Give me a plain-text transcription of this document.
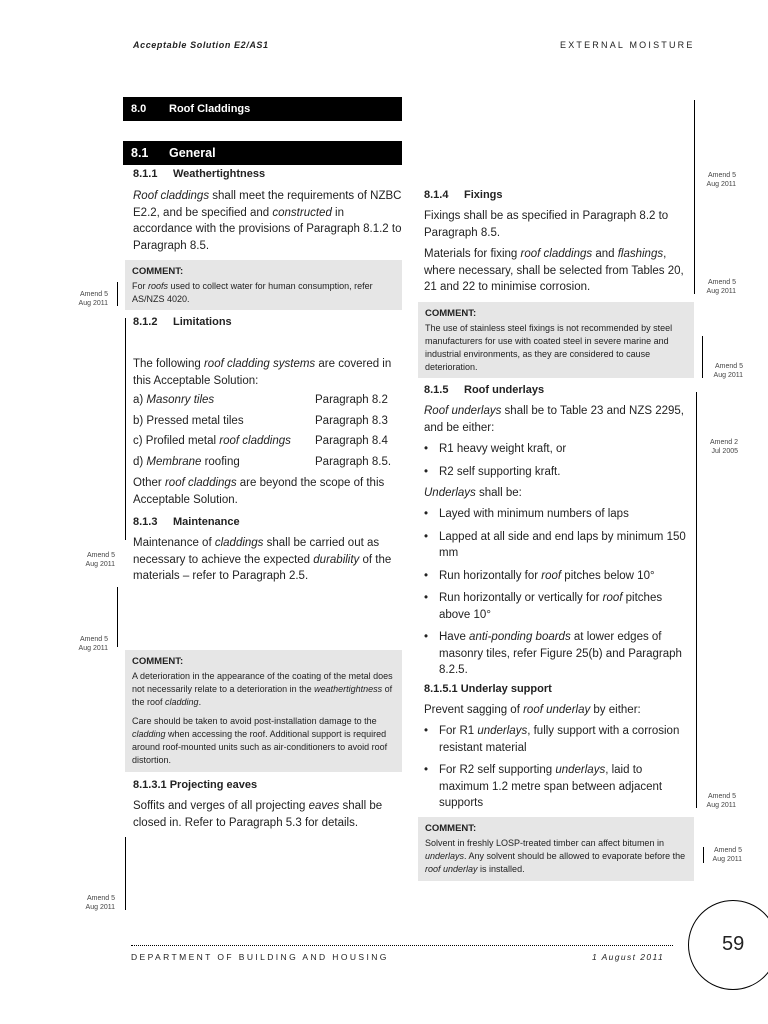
Acceptable Solution E2/AS1	EXTERNAL MOISTURE
8.0	Roof Claddings
8.1	General
8.1.1 Weathertightness

Roof claddings shall meet the requirements of NZBC E2.2, and be specified and constructed in accordance with the provisions of Paragraph 8.1.2 to Paragraph 8.5.

COMMENT:

For roofs used to collect water for human consumption, refer AS/NZS 4020.

8.1.2 Limitations

The following roof cladding systems are covered in this Acceptable Solution:

a) Masonry tiles	Paragraph 8.2
b) Pressed metal tiles	Paragraph 8.3
c) Profiled metal roof claddings	Paragraph 8.4
d) Membrane roofing	Paragraph 8.5.

Other roof claddings are beyond the scope of this Acceptable Solution.

8.1.3 Maintenance

Maintenance of claddings shall be carried out as necessary to achieve the expected durability of the materials – refer to Paragraph 2.5.

COMMENT:

A deterioration in the appearance of the coating of the metal does not necessarily relate to a deterioration in the weathertightness of the roof cladding.

Care should be taken to avoid post-installation damage to the cladding when accessing the roof. Additional support is required around roof-mounted units such as air-conditioners to avoid roof distortion.

8.1.3.1 Projecting eaves

Soffits and verges of all projecting eaves shall be closed in. Refer to Paragraph 5.3 for details.

8.1.4 Fixings

Fixings shall be as specified in Paragraph 8.2 to Paragraph 8.5.

Materials for fixing roof claddings and flashings, where necessary, shall be selected from Tables 20, 21 and 22 to minimise corrosion.

COMMENT:

The use of stainless steel fixings is not recommended by steel manufacturers for use with coated steel in severe marine and industrial environments, as they are considered to cause deterioration.

8.1.5 Roof underlays

Roof underlays shall be to Table 23 and NZS 2295, and be either:

• R1 heavy weight kraft, or
• R2 self supporting kraft.

Underlays shall be:

• Layed with minimum numbers of laps
• Lapped at all side and end laps by minimum 150 mm
• Run horizontally for roof pitches below 10°
• Run horizontally or vertically for roof pitches above 10°
• Have anti-ponding boards at lower edges of masonry tiles, refer Figure 25(b) and Paragraph 8.2.5.
8.1.5.1 Underlay support

Prevent sagging of roof underlay by either:

• For R1 underlays, fully support with a corrosion resistant material
• For R2 self supporting underlays, laid to maximum 1.2 metre span between adjacent supports
COMMENT:

Solvent in freshly LOSP-treated timber can affect bitumen in underlays. Any solvent should be allowed to evaporate before the roof underlay is installed.

Amend 5
Aug 2011
Amend 5
Aug 2011
Amend 5
Aug 2011
Amend 5
Aug 2011
Amend 5
Aug 2011
Amend 5
Aug 2011
Amend 5
Aug 2011
Amend 2
Jul 2005
Amend 5
Aug 2011
Amend 5
Aug 2011
DEPARTMENT OF BUILDING AND HOUSING	1 August 2011
59
